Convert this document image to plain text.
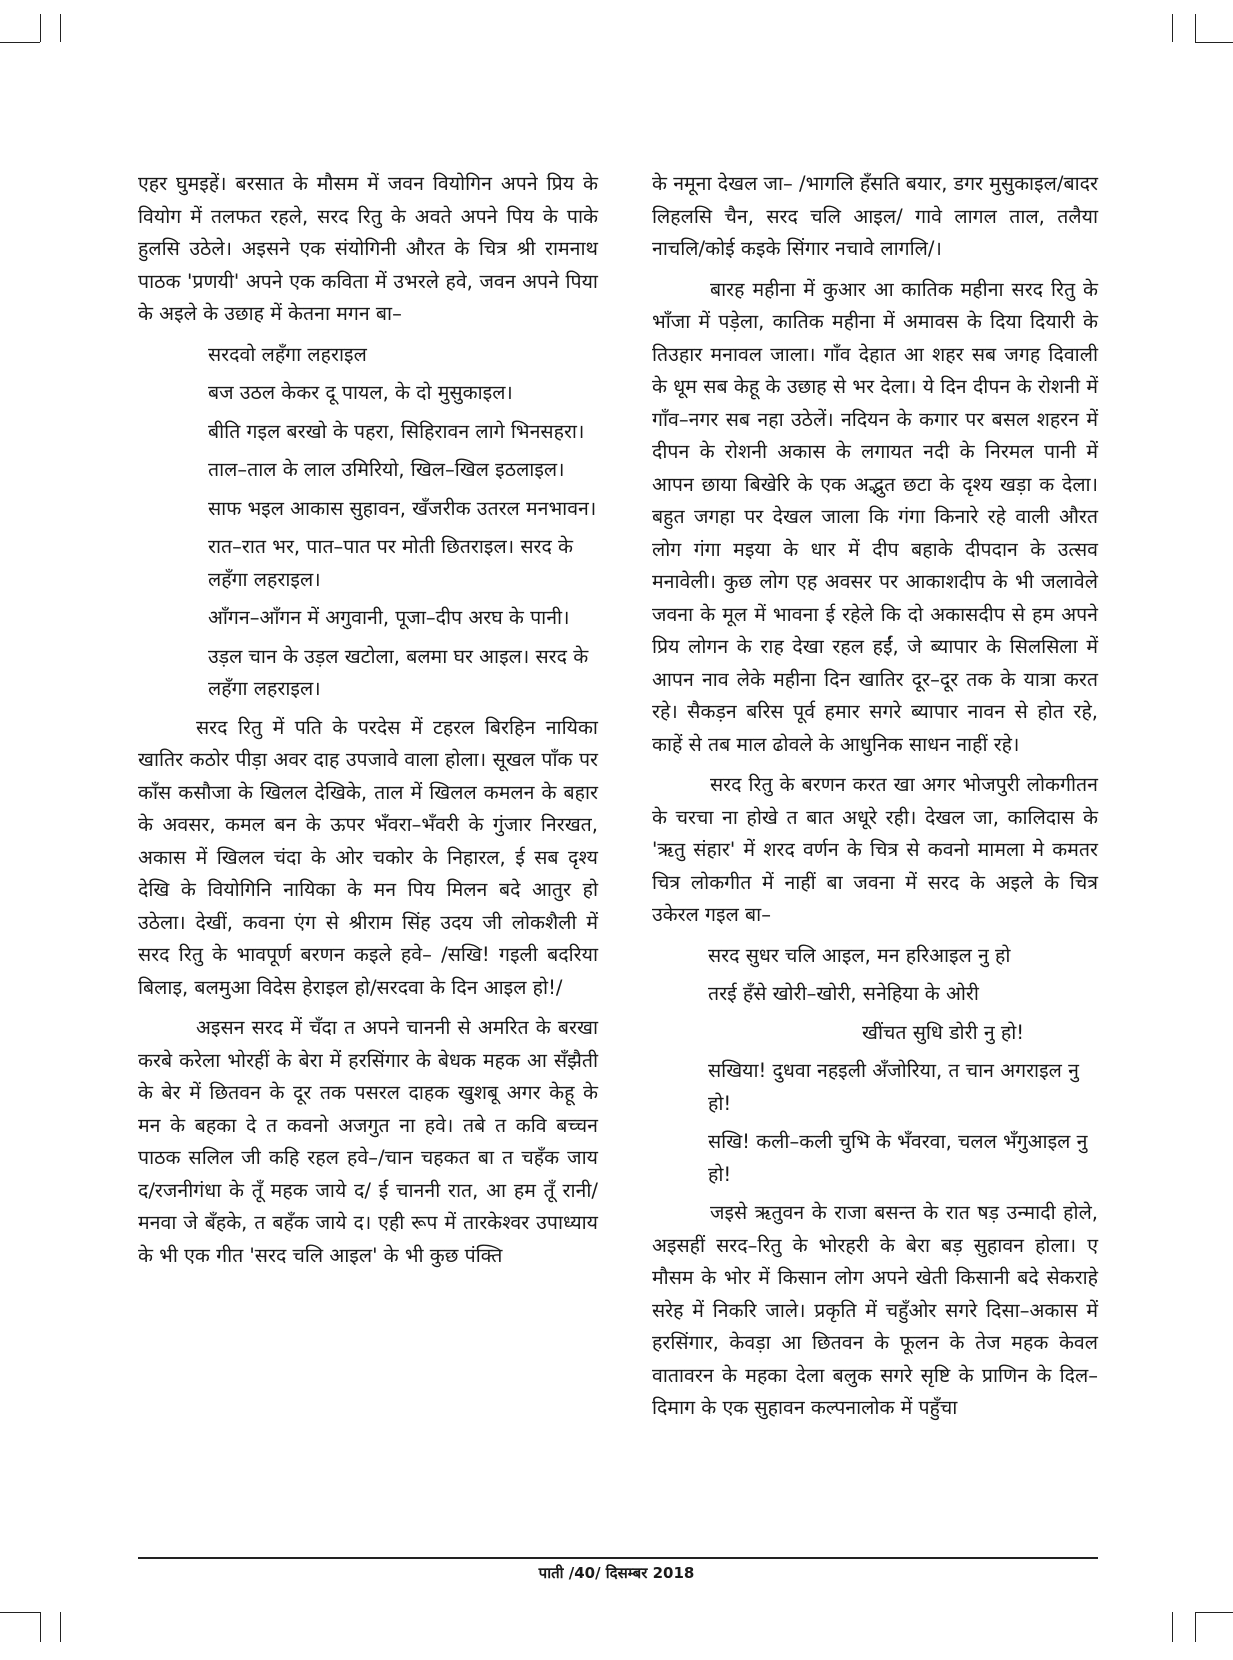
एहर घुमइहें। बरसात के मौसम में जवन वियोगिन अपने प्रिय के वियोग में तलफत रहले, सरद रितु के अवते अपने पिय के पाके हुलसि उठेले। अइसने एक संयोगिनी औरत के चित्र श्री रामनाथ पाठक 'प्रणयी' अपने एक कविता में उभरले हवे, जवन अपने पिया के अइले के उछाह में केतना मगन बा–

सरदवो लहँगा लहराइल
बज उठल केकर दू पायल, के दो मुसुकाइल।
बीति गइल बरखो के पहरा, सिहिरावन लागे भिनसहरा।
ताल–ताल के लाल उमिरियो, खिल–खिल इठलाइल।
साफ भइल आकास सुहावन, खँजरीक उतरल मनभावन।
रात–रात भर, पात–पात पर मोती छितराइल। सरद के लहँगा लहराइल।
आँगन–आँगन में अगुवानी, पूजा–दीप अरघ के पानी।
उड़ल चान के उड़ल खटोला, बलमा घर आइल। सरद के लहँगा लहराइल।

सरद रितु में पति के परदेस में टहरल बिरहिन नायिका खातिर कठोर पीड़ा अवर दाह उपजावे वाला होला। सूखल पाँक पर काँस कसौजा के खिलल देखिके, ताल में खिलल कमलन के बहार के अवसर, कमल बन के ऊपर भँवरा–भँवरी के गुंजार निरखत, अकास में खिलल चंदा के ओर चकोर के निहारल, ई सब दृश्य देखि के वियोगिनि नायिका के मन पिय मिलन बदे आतुर हो उठेला। देखीं, कवना एंग से श्रीराम सिंह उदय जी लोकशैली में सरद रितु के भावपूर्ण बरणन कइले हवे– /सखि! गइली बदरिया बिलाइ, बलमुआ विदेस हेराइल हो/सरदवा के दिन आइल हो!/

अइसन सरद में चँदा त अपने चाननी से अमरित के बरखा करबे करेला भोरहीं के बेरा में हरसिंगार के बेधक महक आ सँझैती के बेर में छितवन के दूर तक पसरल दाहक खुशबू अगर केहू के मन के बहका दे त कवनो अजगुत ना हवे। तबे त कवि बच्चन पाठक सलिल जी कहि रहल हवे–/चान चहकत बा त चहँक जाय द/रजनीगंधा के तूँ महक जाये द/ ई चाननी रात, आ हम तूँ रानी/मनवा जे बँहके, त बहँक जाये द। एही रूप में तारकेश्वर उपाध्याय के भी एक गीत 'सरद चलि आइल' के भी कुछ पंक्ति

के नमूना देखल जा– /भागलि हँसति बयार, डगर मुसुकाइल/बादर लिहलसि चैन, सरद चलि आइल/ गावे लागल ताल, तलैया नाचलि/कोई कइके सिंगार नचावे लागलि/।

बारह महीना में कुआर आ कातिक महीना सरद रितु के भाँजा में पड़ेला, कातिक महीना में अमावस के दिया दियारी के तिउहार मनावल जाला। गाँव देहात आ शहर सब जगह दिवाली के धूम सब केहू के उछाह से भर देला। ये दिन दीपन के रोशनी में गाँव–नगर सब नहा उठेलें। नदियन के कगार पर बसल शहरन में दीपन के रोशनी अकास के लगायत नदी के निरमल पानी में आपन छाया बिखेरि के एक अद्भुत छटा के दृश्य खड़ा क देला। बहुत जगहा पर देखल जाला कि गंगा किनारे रहे वाली औरत लोग गंगा मइया के धार में दीप बहाके दीपदान के उत्सव मनावेली। कुछ लोग एह अवसर पर आकाशदीप के भी जलावेले जवना के मूल में भावना ई रहेले कि दो अकासदीप से हम अपने प्रिय लोगन के राह देखा रहल हईं, जे ब्यापार के सिलसिला में आपन नाव लेके महीना दिन खातिर दूर–दूर तक के यात्रा करत रहे। सैकड़न बरिस पूर्व हमार सगरे ब्यापार नावन से होत रहे, काहें से तब माल ढोवले के आधुनिक साधन नाहीं रहे।

सरद रितु के बरणन करत खा अगर भोजपुरी लोकगीतन के चरचा ना होखे त बात अधूरे रही। देखल जा, कालिदास के 'ऋतु संहार' में शरद वर्णन के चित्र से कवनो मामला मे कमतर चित्र लोकगीत में नाहीं बा जवना में सरद के अइले के चित्र उकेरल गइल बा–

सरद सुधर चलि आइल, मन हरिआइल नु हो
तरई हँसे खोरी–खोरी, सनेहिया के ओरी
खींचत सुधि डोरी नु हो!
सखिया! दुधवा नहइली अँजोरिया, त चान अगराइल नु हो!
सखि! कली–कली चुभि के भँवरवा, चलल भँगुआइल नु हो!

जइसे ऋतुवन के राजा बसन्त के रात षड़ उन्मादी होले, अइसहीं सरद–रितु के भोरहरी के बेरा बड़ सुहावन होला। ए मौसम के भोर में किसान लोग अपने खेती किसानी बदे सेकराहे सरेह में निकरि जाले। प्रकृति में चहुँओर सगरे दिसा–अकास में हरसिंगार, केवड़ा आ छितवन के फूलन के तेज महक केवल वातावरन के महका देला बलुक सगरे सृष्टि के प्राणिन के दिल–दिमाग के एक सुहावन कल्पनालोक में पहुँचा

पाती /40/ दिसम्बर 2018
